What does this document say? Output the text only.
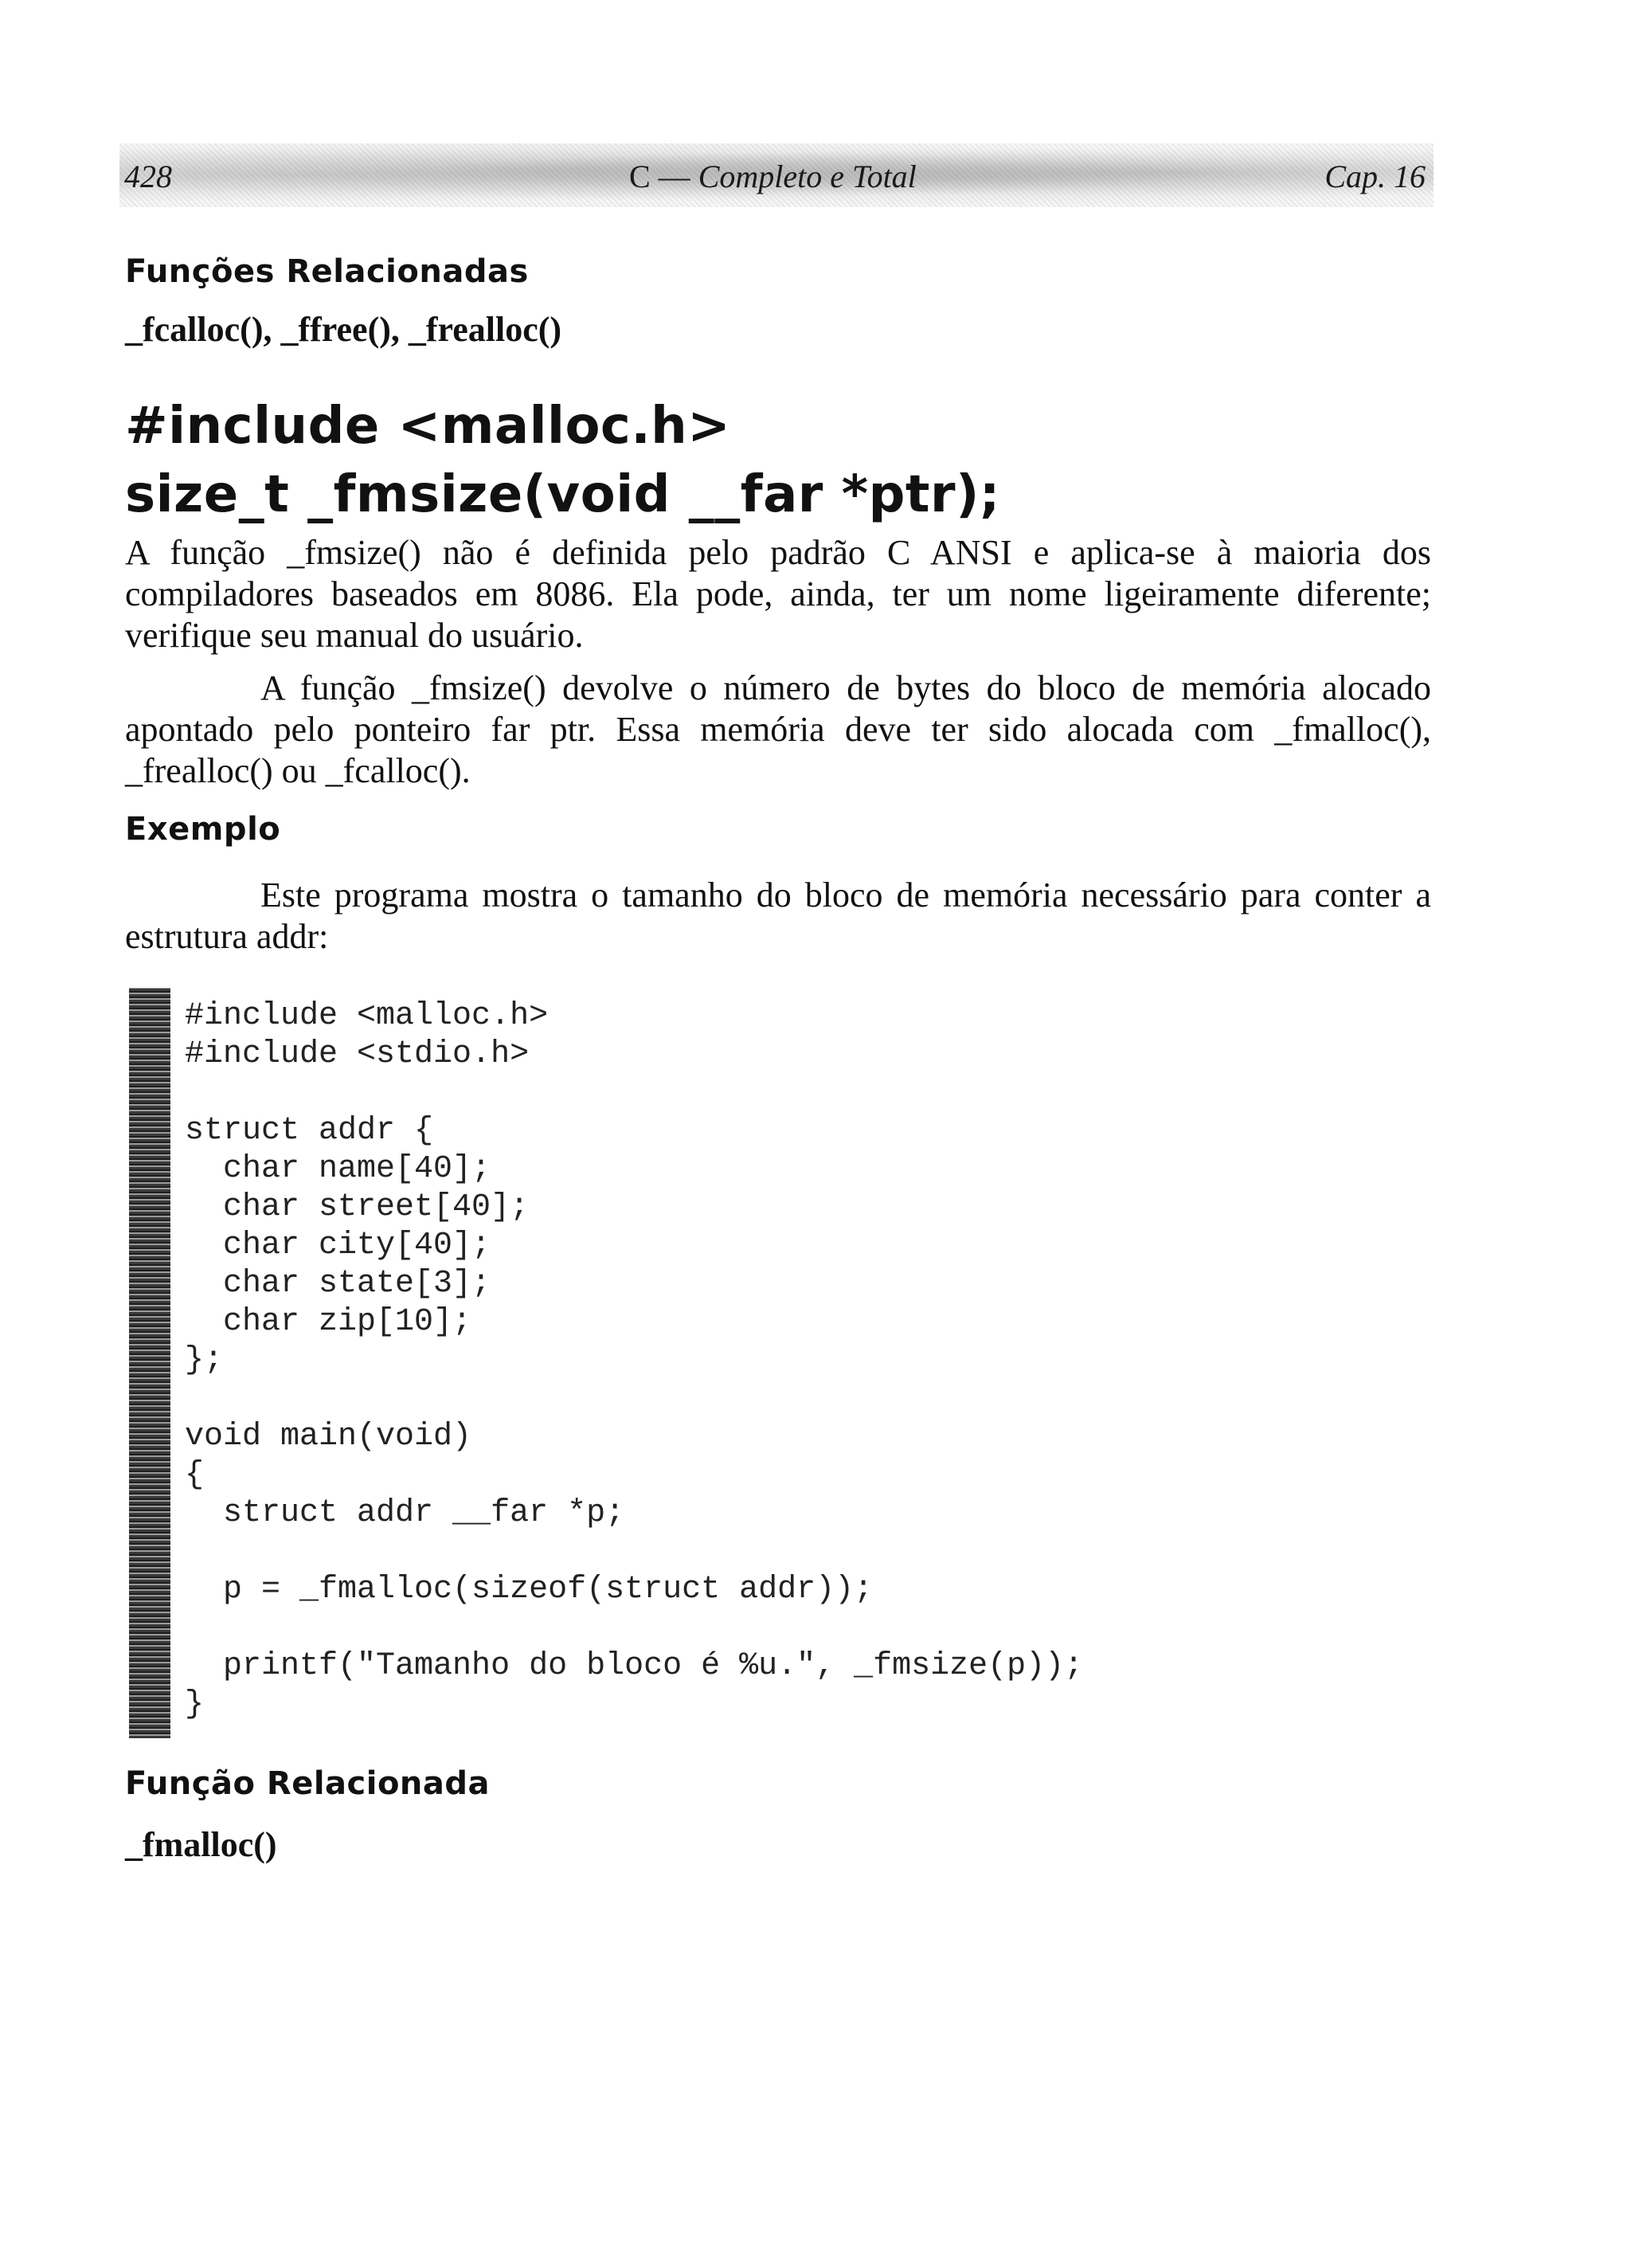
428	C — Completo e Total	Cap. 16
Funções Relacionadas
_fcalloc(), _ffree(), _frealloc()
#include <malloc.h>
size_t _fmsize(void __far *ptr);

A função _fmsize() não é definida pelo padrão C ANSI e aplica-se à maioria dos compiladores baseados em 8086. Ela pode, ainda, ter um nome ligeiramente diferente; verifique seu manual do usuário.

A função _fmsize() devolve o número de bytes do bloco de memória alocado apontado pelo ponteiro far ptr. Essa memória deve ter sido alocada com _fmalloc(), _frealloc() ou _fcalloc().

Exemplo

Este programa mostra o tamanho do bloco de memória necessário para conter a estrutura addr:

#include <malloc.h>
#include <stdio.h>
struct addr {
char name[40];
char street[40];
char city[40];
char state[3];
char zip[10];
};
void main(void)
{
struct addr __far *p;
p = _fmalloc(sizeof(struct addr));
printf("Tamanho do bloco é %u.", _fmsize(p));
}
Função Relacionada
_fmalloc()
